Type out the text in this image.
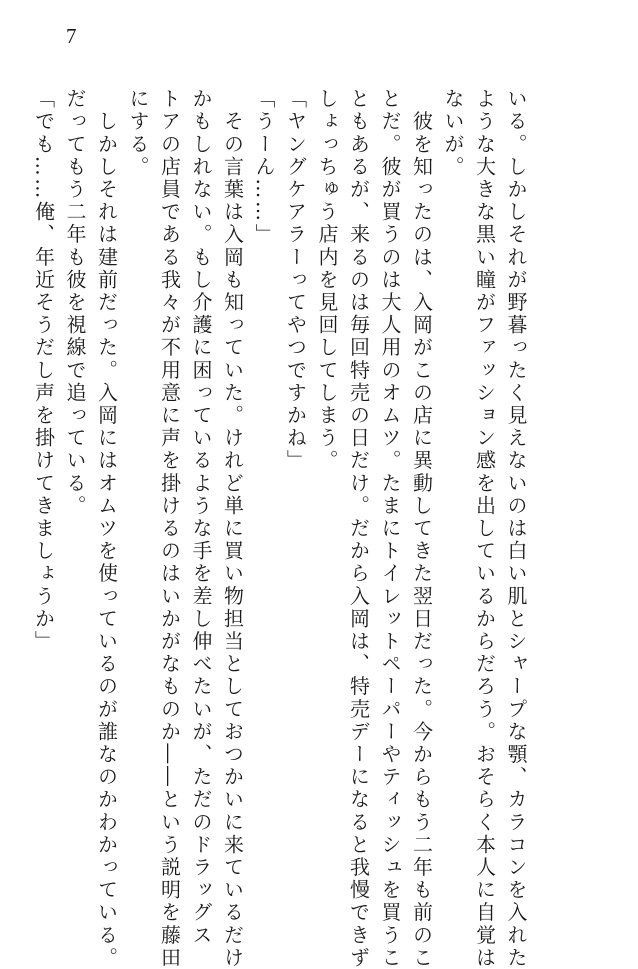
7

いる。しかしそれが野暮ったく見えないのは白い肌とシャープな顎、カラコンを入れた

ような大きな黒い瞳がファッション感を出しているからだろう。おそらく本人に自覚は

ないが。

　彼を知ったのは、入岡がこの店に異動してきた翌日だった。今からもう二年も前のこ

とだ。彼が買うのは大人用のオムツ。たまにトイレットペーパーやティッシュを買うこ

ともあるが、来るのは毎回特売の日だけ。だから入岡は、特売デーになると我慢できず

しょっちゅう店内を見回してしまう。

「ヤングケアラーってやつですかね」

「うーん……」

　その言葉は入岡も知っていた。けれど単に買い物担当としておつかいに来ているだけ

かもしれない。もし介護に困っているような手を差し伸べたいが、ただのドラッグス

トアの店員である我々が不用意に声を掛けるのはいかがなものか――という説明を藤田

にする。

　しかしそれは建前だった。入岡にはオムツを使っているのが誰なのかわかっている。

だってもう二年も彼を視線で追っている。

「でも……俺、年近そうだし声を掛けてきましょうか」
